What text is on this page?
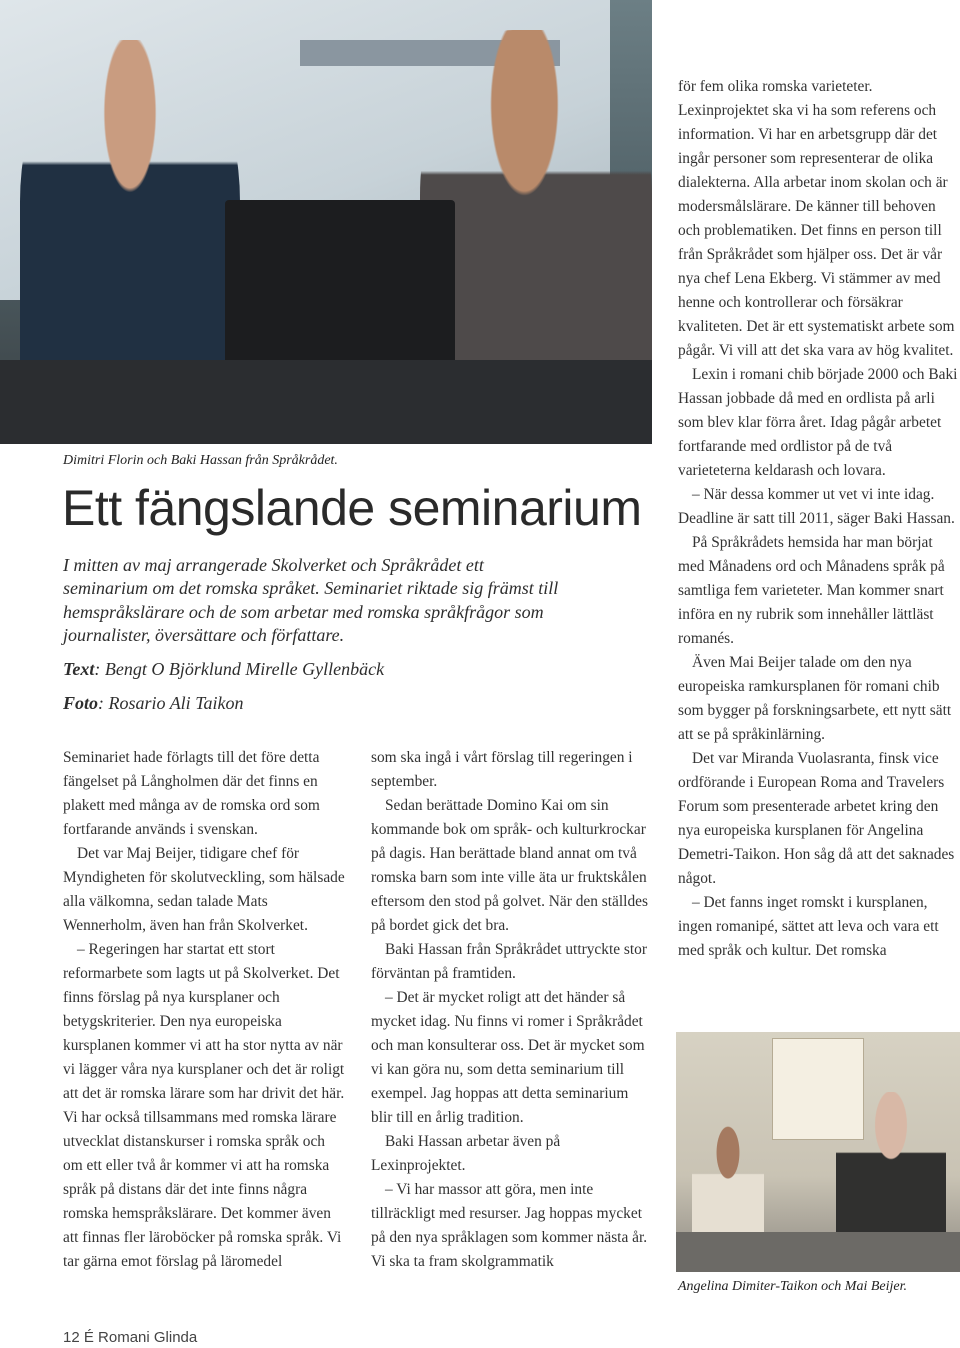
Dimitri Florin och Baki Hassan från Språkrådet.
Ett fängslande seminarium

I mitten av maj arrangerade Skolverket och Språkrådet ett seminarium om det romska språket. Seminariet riktade sig främst till hemspråkslärare och de som arbetar med romska språkfrågor som journalister, översättare och författare.

Text: Bengt O Björklund Mirelle Gyllenbäck
Foto: Rosario Ali Taikon

Seminariet hade förlagts till det före detta fängelset på Långholmen där det finns en plakett med många av de romska ord som fortfarande används i svenskan.

Det var Maj Beijer, tidigare chef för Myndigheten för skolutveckling, som hälsade alla välkomna, sedan talade Mats Wennerholm, även han från Skolverket.

– Regeringen har startat ett stort reformarbete som lagts ut på Skolverket. Det finns förslag på nya kursplaner och betygskriterier. Den nya europeiska kursplanen kommer vi att ha stor nytta av när vi lägger våra nya kursplaner och det är roligt att det är romska lärare som har drivit det här. Vi har också tillsammans med romska lärare utvecklat distanskurser i romska språk och om ett eller två år kommer vi att ha romska språk på distans där det inte finns några romska hemspråkslärare. Det kommer även att finnas fler läroböcker på romska språk. Vi tar gärna emot förslag på läromedel

som ska ingå i vårt förslag till regeringen i september.

Sedan berättade Domino Kai om sin kommande bok om språk- och kulturkrockar på dagis. Han berättade bland annat om två romska barn som inte ville äta ur fruktskålen eftersom den stod på golvet. När den ställdes på bordet gick det bra.

Baki Hassan från Språkrådet uttryckte stor förväntan på framtiden.

– Det är mycket roligt att det händer så mycket idag. Nu finns vi romer i Språkrådet och man konsulterar oss. Det är mycket som vi kan göra nu, som detta seminarium till exempel. Jag hoppas att detta seminarium blir till en årlig tradition.

Baki Hassan arbetar även på Lexinprojektet.

– Vi har massor att göra, men inte tillräckligt med resurser. Jag hoppas mycket på den nya språklagen som kommer nästa år. Vi ska ta fram skolgrammatik

för fem olika romska varieteter. Lexinprojektet ska vi ha som referens och information. Vi har en arbetsgrupp där det ingår personer som representerar de olika dialekterna. Alla arbetar inom skolan och är modersmålslärare. De känner till behoven och problematiken. Det finns en person till från Språkrådet som hjälper oss. Det är vår nya chef Lena Ekberg. Vi stämmer av med henne och kontrollerar och försäkrar kvaliteten. Det är ett systematiskt arbete som pågår. Vi vill att det ska vara av hög kvalitet.

Lexin i romani chib började 2000 och Baki Hassan jobbade då med en ordlista på arli som blev klar förra året. Idag pågår arbetet fortfarande med ordlistor på de två varieteterna keldarash och lovara.

– När dessa kommer ut vet vi inte idag. Deadline är satt till 2011, säger Baki Hassan.

På Språkrådets hemsida har man börjat med Månadens ord och Månadens språk på samtliga fem varieteter. Man kommer snart införa en ny rubrik som innehåller lättläst romanés.

Även Mai Beijer talade om den nya europeiska ramkursplanen för romani chib som bygger på forskningsarbete, ett nytt sätt att se på språkinlärning.

Det var Miranda Vuolasranta, finsk vice ordförande i European Roma and Travelers Forum som presenterade arbetet kring den nya europeiska kursplanen för Angelina Demetri-Taikon. Hon såg då att det saknades något.

– Det fanns inget romskt i kursplanen, ingen romanipé, sättet att leva och vara ett med språk och kultur. Det romska

Angelina Dimiter-Taikon och Mai Beijer.
12 É Romani Glinda
